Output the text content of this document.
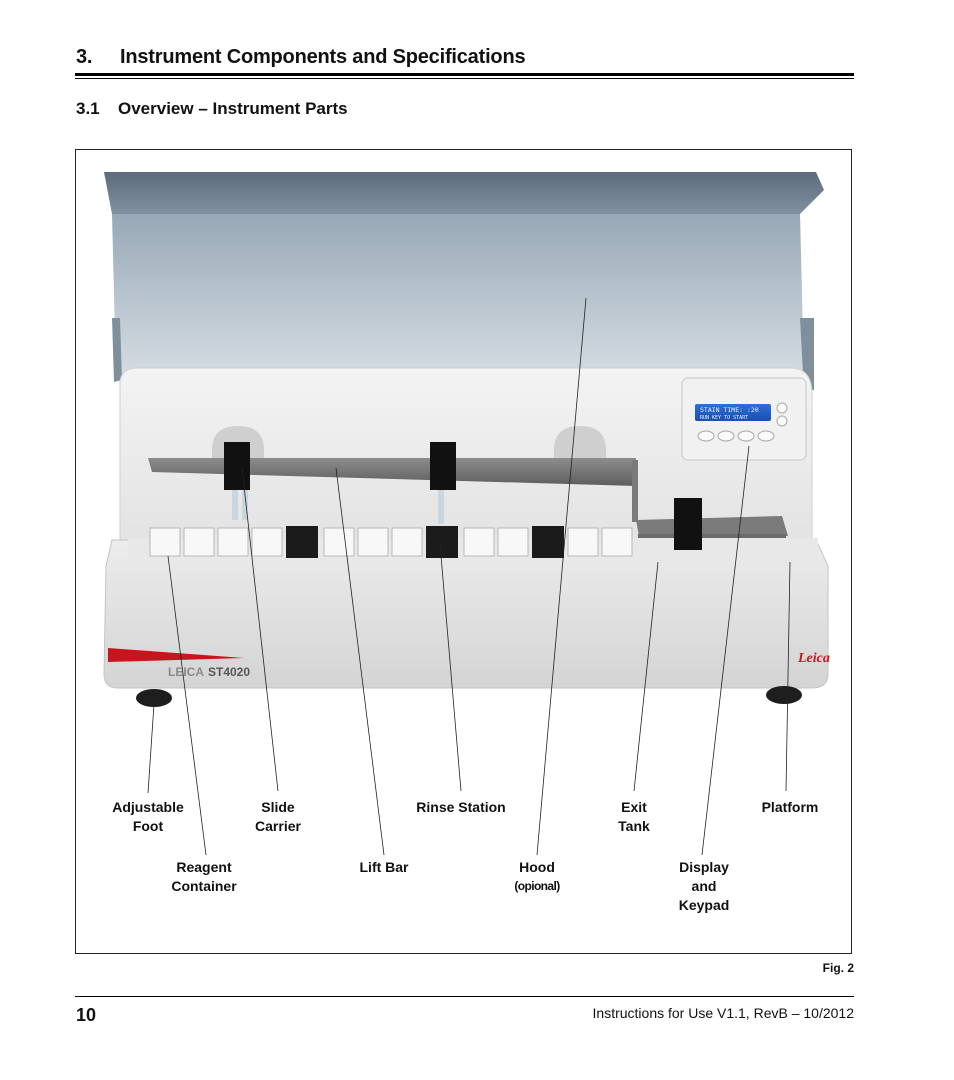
3. Instrument Components and Specifications
3.1 Overview – Instrument Parts
STAIN TIME: :20
RUN KEY TO START
LEICA ST4020
Leica
Adjustable
Foot
Slide
Carrier
Rinse Station	Exit
Tank
Platform
Reagent
Container
Lift Bar	Hood
(opional)
Display
and
Keypad
Fig. 2
10	Instructions for Use V1.1, RevB – 10/2012
